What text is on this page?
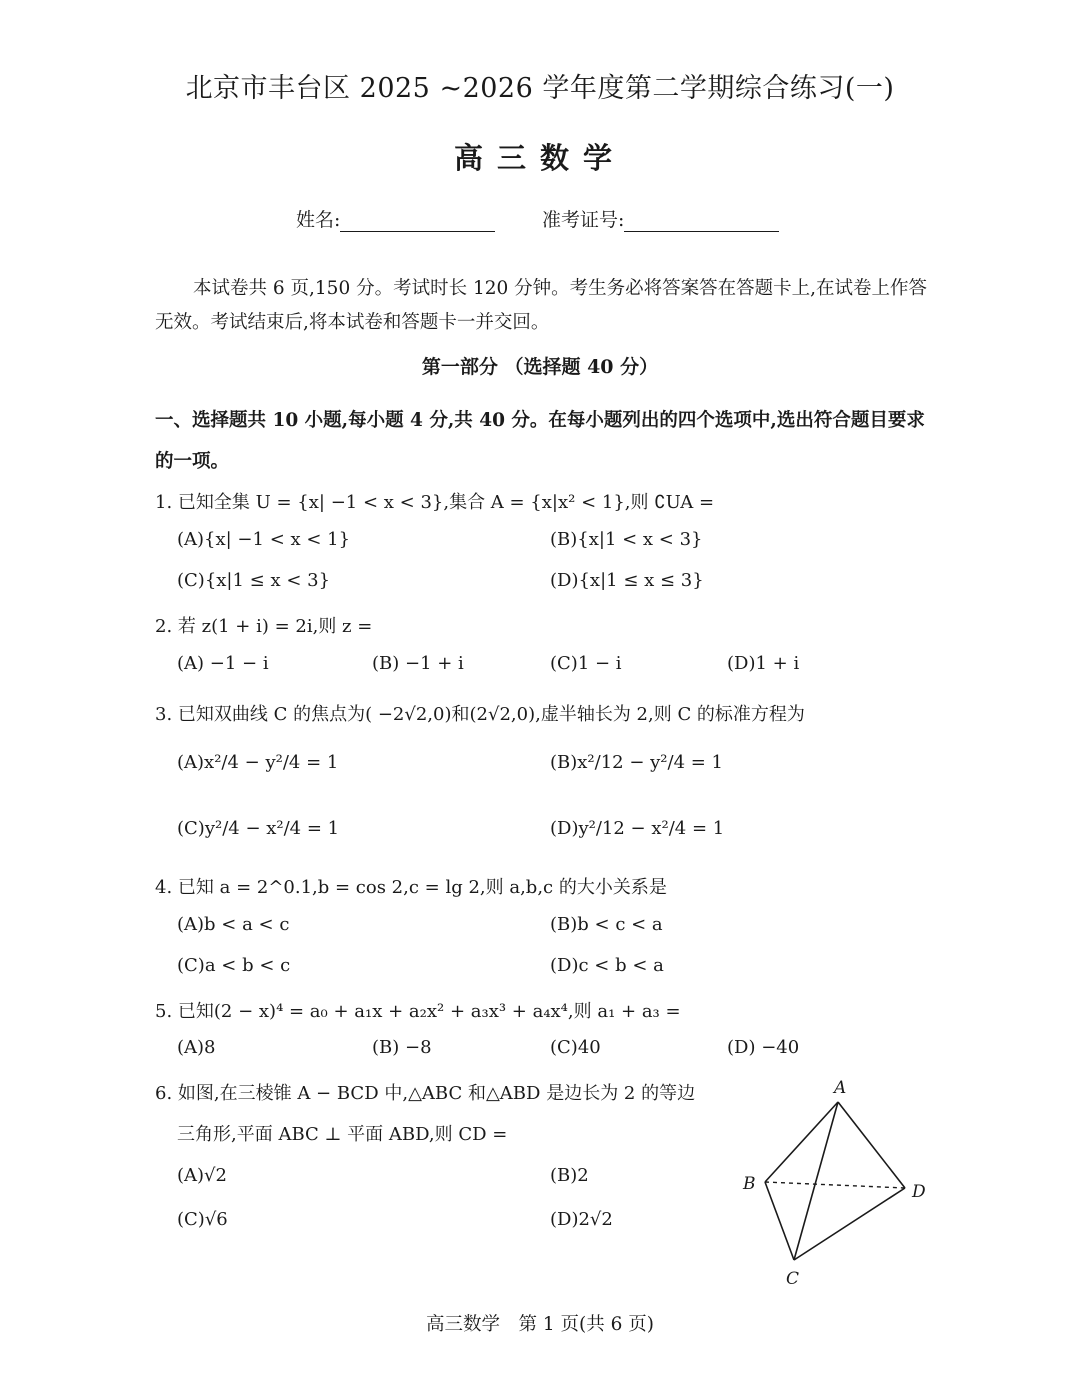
北京市丰台区 2025 ~2026 学年度第二学期综合练习(一)
高三数学
姓名:	准考证号:
本试卷共 6 页,150 分。考试时长 120 分钟。考生务必将答案答在答题卡上,在试卷上作答无效。考试结束后,将本试卷和答题卡一并交回。
第一部分 （选择题 40 分）
一、选择题共 10 小题,每小题 4 分,共 40 分。在每小题列出的四个选项中,选出符合题目要求的一项。
1. 已知全集 U = {x| −1 < x < 3},集合 A = {x|x² < 1},则 ∁UA =
(A){x| −1 < x < 1}	(B){x|1 < x < 3}
(C){x|1 ≤ x < 3}	(D){x|1 ≤ x ≤ 3}
2. 若 z(1 + i) = 2i,则 z =
(A) −1 − i	(B) −1 + i	(C)1 − i	(D)1 + i
3. 已知双曲线 C 的焦点为( −2√2,0)和(2√2,0),虚半轴长为 2,则 C 的标准方程为
(A)x²/4 − y²/4 = 1	(B)x²/12 − y²/4 = 1
(C)y²/4 − x²/4 = 1	(D)y²/12 − x²/4 = 1
4. 已知 a = 2^0.1,b = cos 2,c = lg 2,则 a,b,c 的大小关系是
(A)b < a < c	(B)b < c < a
(C)a < b < c	(D)c < b < a
5. 已知(2 − x)⁴ = a₀ + a₁x + a₂x² + a₃x³ + a₄x⁴,则 a₁ + a₃ =
(A)8	(B) −8	(C)40	(D) −40
6. 如图,在三棱锥 A − BCD 中,△ABC 和△ABD 是边长为 2 的等边
三角形,平面 ABC ⊥ 平面 ABD,则 CD =
(A)√2	(B)2
(C)√6	(D)2√2
A
B
C
D
高三数学　第 1 页(共 6 页)
